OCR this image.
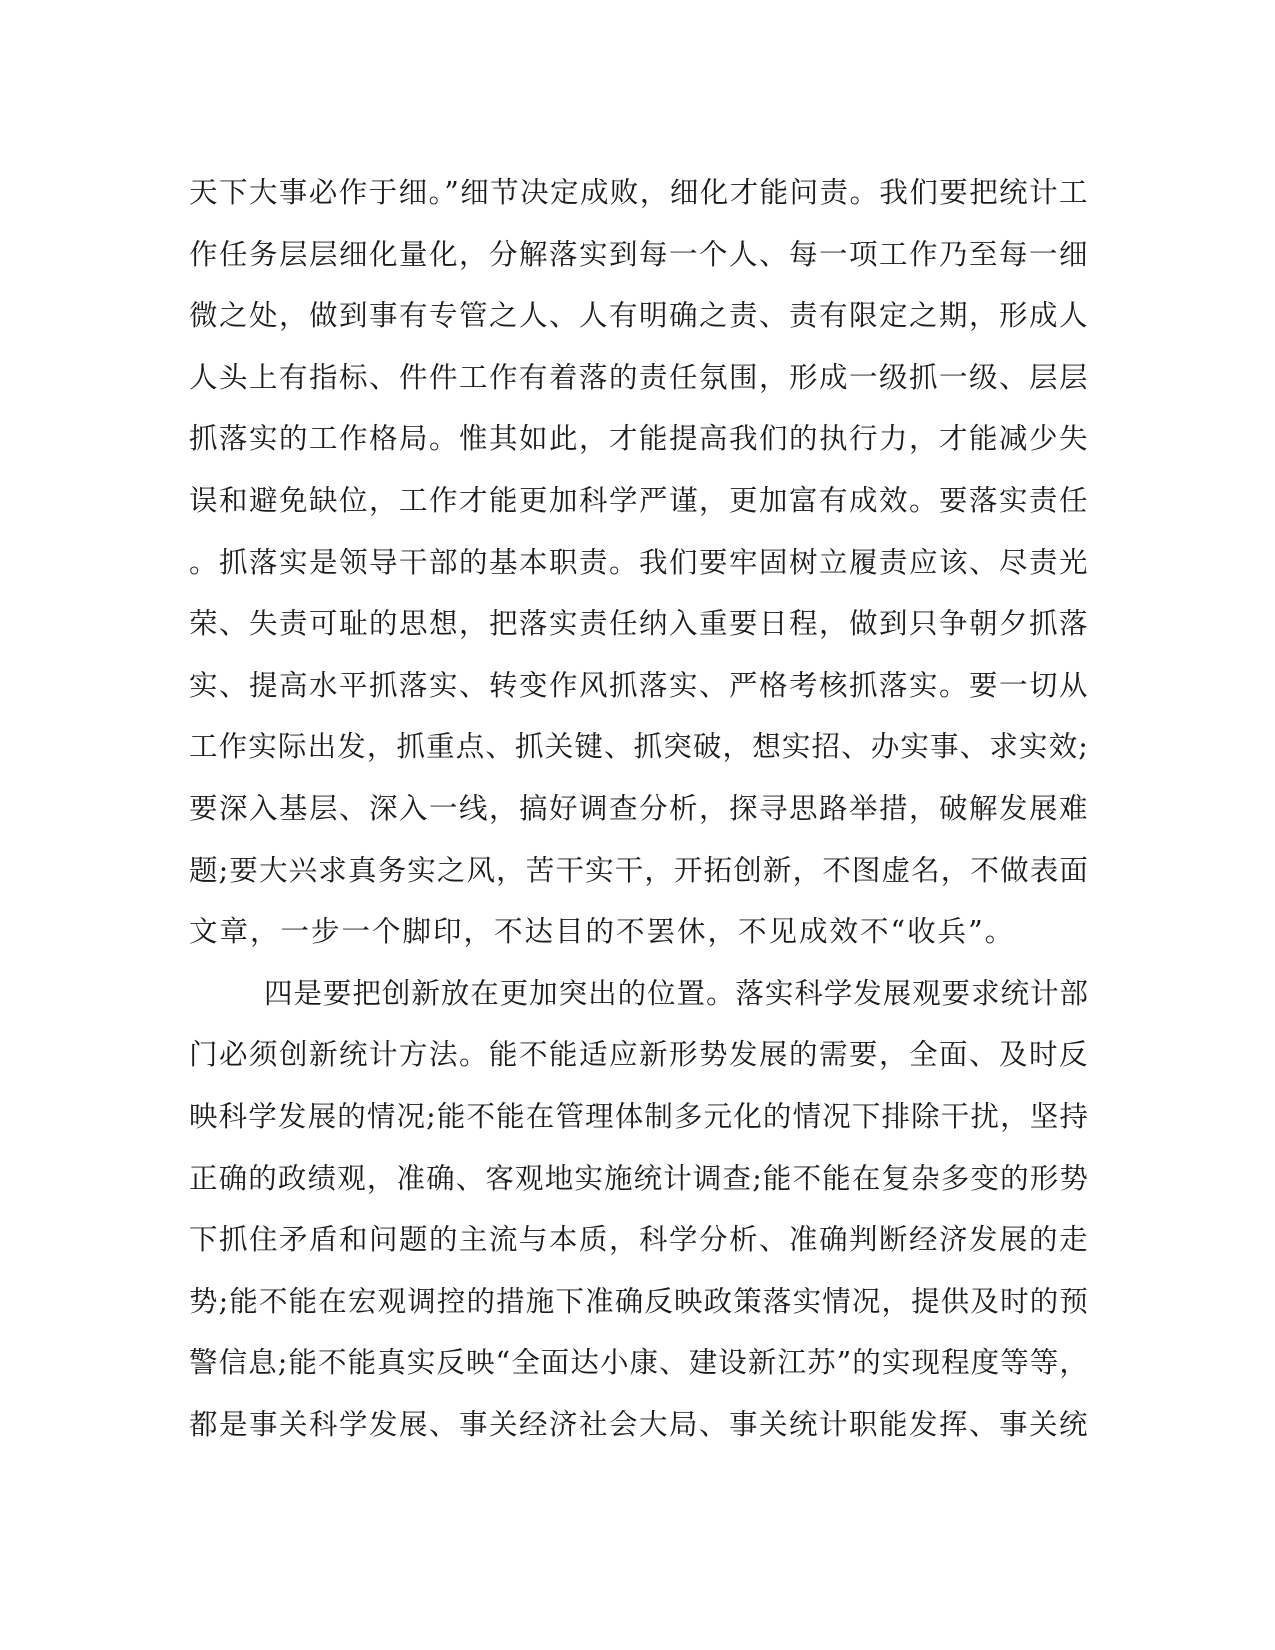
天下大事必作于细。”细节决定成败，细化才能问责。我们要把统计工
作任务层层细化量化，分解落实到每一个人、每一项工作乃至每一细
微之处，做到事有专管之人、人有明确之责、责有限定之期，形成人
人头上有指标、件件工作有着落的责任氛围，形成一级抓一级、层层
抓落实的工作格局。惟其如此，才能提高我们的执行力，才能减少失
误和避免缺位，工作才能更加科学严谨，更加富有成效。要落实责任
。抓落实是领导干部的基本职责。我们要牢固树立履责应该、尽责光
荣、失责可耻的思想，把落实责任纳入重要日程，做到只争朝夕抓落
实、提高水平抓落实、转变作风抓落实、严格考核抓落实。要一切从
工作实际出发，抓重点、抓关键、抓突破，想实招、办实事、求实效;
要深入基层、深入一线，搞好调查分析，探寻思路举措，破解发展难
题;要大兴求真务实之风，苦干实干，开拓创新，不图虚名，不做表面
文章，一步一个脚印，不达目的不罢休，不见成效不“收兵”。
四是要把创新放在更加突出的位置。落实科学发展观要求统计部
门必须创新统计方法。能不能适应新形势发展的需要，全面、及时反
映科学发展的情况;能不能在管理体制多元化的情况下排除干扰，坚持
正确的政绩观，准确、客观地实施统计调查;能不能在复杂多变的形势
下抓住矛盾和问题的主流与本质，科学分析、准确判断经济发展的走
势;能不能在宏观调控的措施下准确反映政策落实情况，提供及时的预
警信息;能不能真实反映“全面达小康、建设新江苏”的实现程度等等，
都是事关科学发展、事关经济社会大局、事关统计职能发挥、事关统
